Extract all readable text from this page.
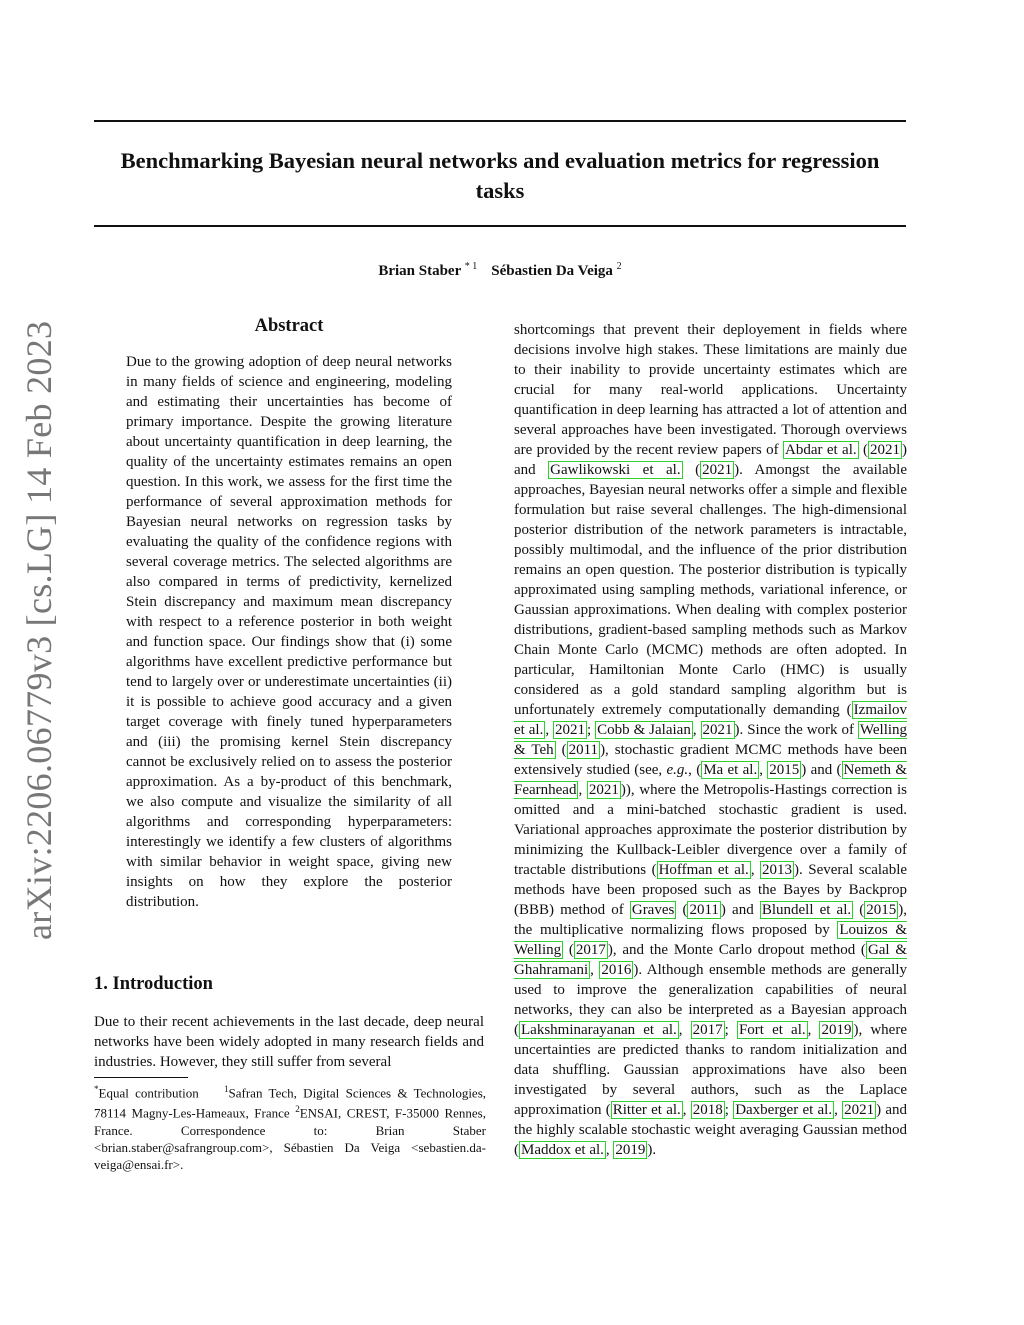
Benchmarking Bayesian neural networks and evaluation metrics for regression tasks
Brian Staber $^{* 1}$ Sébastien Da Veiga $^2$
arXiv:2206.06779v3 [cs.LG] 14 Feb 2023	Abstract
Due to the growing adoption of deep neural networks in many fields of science and engineering, modeling and estimating their uncertainties has become of primary importance. Despite the growing literature about uncertainty quantification in deep learning, the quality of the uncertainty estimates remains an open question. In this work, we assess for the first time the performance of several approximation methods for Bayesian neural networks on regression tasks by evaluating the quality of the confidence regions with several coverage metrics. The selected algorithms are also compared in terms of predictivity, kernelized Stein discrepancy and maximum mean discrepancy with respect to a reference posterior in both weight and function space. Our findings show that (i) some algorithms have excellent predictive performance but tend to largely over or underestimate uncertainties (ii) it is possible to achieve good accuracy and a given target coverage with finely tuned hyperparameters and (iii) the promising kernel Stein discrepancy cannot be exclusively relied on to assess the posterior approximation. As a by-product of this benchmark, we also compute and visualize the similarity of all algorithms and corresponding hyperparameters: interestingly we identify a few clusters of algorithms with similar behavior in weight space, giving new insights on how they explore the posterior distribution.
1. Introduction
Due to their recent achievements in the last decade, deep neural networks have been widely adopted in many research fields and industries. However, they still suffer from several
*Equal contribution	$^1$Safran Tech, Digital Sciences & Technologies, 78114 Magny-Les-Hameaux, France $^2$ENSAI, CREST, F-35000 Rennes, France. Correspondence to: Brian Staber <brian.staber@safrangroup.com>, Sébastien Da Veiga <sebastien.da-veiga@ensai.fr>.
shortcomings that prevent their deployement in fields where decisions involve high stakes. These limitations are mainly due to their inability to provide uncertainty estimates which are crucial for many real-world applications. Uncertainty quantification in deep learning has attracted a lot of attention and several approaches have been investigated. Thorough overviews are provided by the recent review papers of Abdar et al. ( 2021 ) and Gawlikowski et al. ( 2021 ). Amongst the available approaches, Bayesian neural networks offer a simple and flexible formulation but raise several challenges. The high-dimensional posterior distribution of the network parameters is intractable, possibly multimodal, and the influence of the prior distribution remains an open question. The posterior distribution is typically approximated using sampling methods, variational inference, or Gaussian approximations. When dealing with complex posterior distributions, gradient-based sampling methods such as Markov Chain Monte Carlo (MCMC) methods are often adopted. In particular, Hamiltonian Monte Carlo (HMC) is usually considered as a gold standard sampling algorithm but is unfortunately extremely computationally demanding ( Izmailov et al. , 2021 ; Cobb & Jalaian , 2021 ). Since the work of Welling & Teh ( 2011 ), stochastic gradient MCMC methods have been extensively studied (see, e.g., ( Ma et al. , 2015 ) and ( Nemeth & Fearnhead , 2021 )), where the Metropolis-Hastings correction is omitted and a mini-batched stochastic gradient is used. Variational approaches approximate the posterior distribution by minimizing the Kullback-Leibler divergence over a family of tractable distributions ( Hoffman et al. , 2013 ). Several scalable methods have been proposed such as the Bayes by Backprop (BBB) method of Graves ( 2011 ) and Blundell et al. ( 2015 ), the multiplicative normalizing flows proposed by Louizos & Welling ( 2017 ), and the Monte Carlo dropout method ( Gal & Ghahramani , 2016 ). Although ensemble methods are generally used to improve the generalization capabilities of neural networks, they can also be interpreted as a Bayesian approach ( Lakshminarayanan et al. , 2017 ; Fort et al. , 2019 ), where uncertainties are predicted thanks to random initialization and data shuffling. Gaussian approximations have also been investigated by several authors, such as the Laplace approximation ( Ritter et al. , 2018 ; Daxberger et al. , 2021 ) and the highly scalable stochastic weight averaging Gaussian method ( Maddox et al. , 2019 ).
